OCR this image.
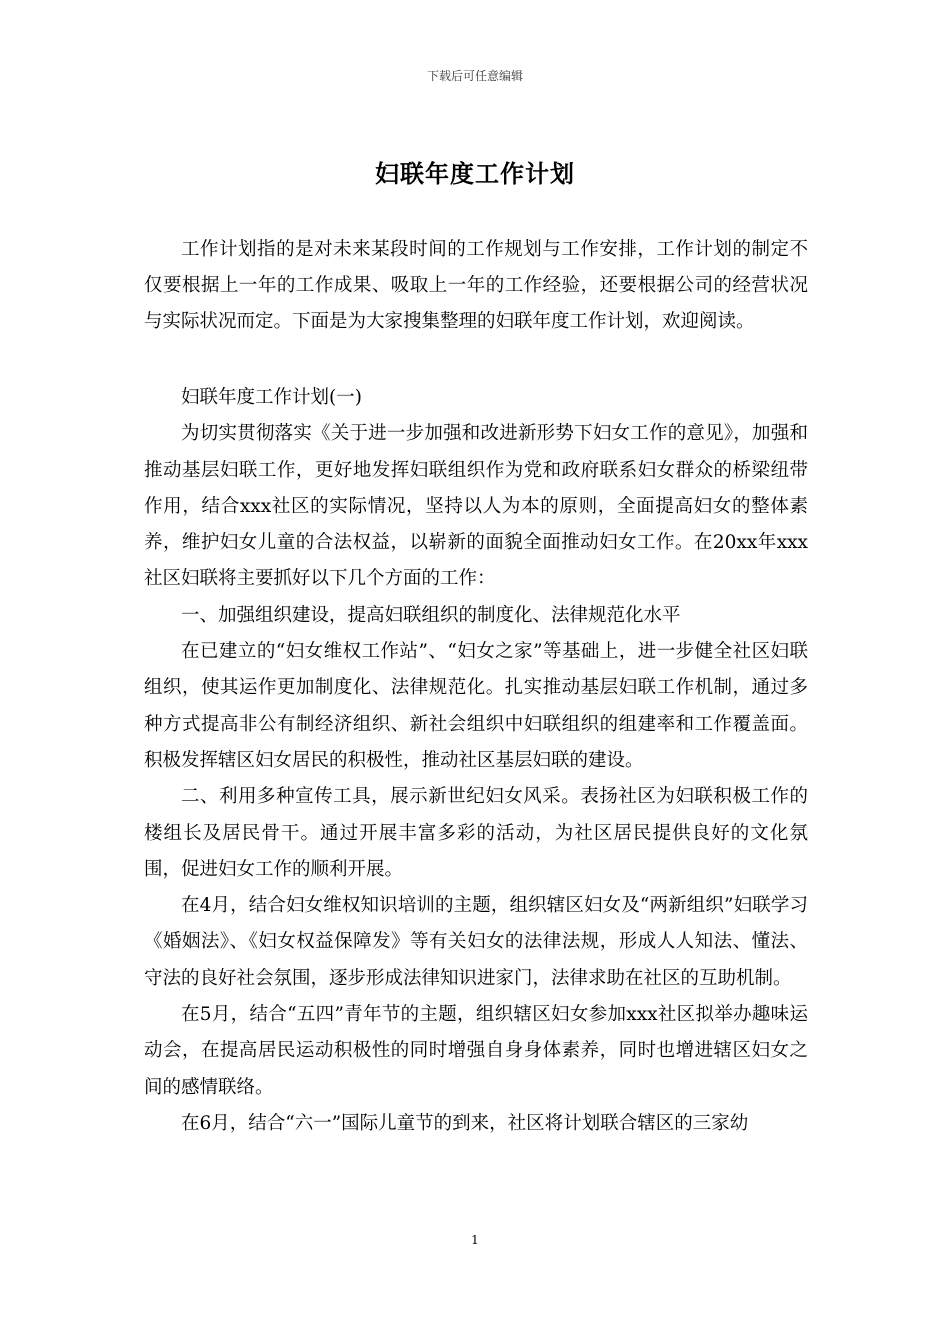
下载后可任意编辑
妇联年度工作计划

工作计划指的是对未来某段时间的工作规划与工作安排，工作计划的制定不仅要根据上一年的工作成果、吸取上一年的工作经验，还要根据公司的经营状况与实际状况而定。下面是为大家搜集整理的妇联年度工作计划，欢迎阅读。

妇联年度工作计划(一)

为切实贯彻落实《关于进一步加强和改进新形势下妇女工作的意见》，加强和推动基层妇联工作，更好地发挥妇联组织作为党和政府联系妇女群众的桥梁纽带作用，结合xxx社区的实际情况，坚持以人为本的原则，全面提高妇女的整体素养，维护妇女儿童的合法权益，以崭新的面貌全面推动妇女工作。在20xx年xxx社区妇联将主要抓好以下几个方面的工作：

一、加强组织建设，提高妇联组织的制度化、法律规范化水平

在已建立的“妇女维权工作站”、“妇女之家”等基础上，进一步健全社区妇联组织，使其运作更加制度化、法律规范化。扎实推动基层妇联工作机制，通过多种方式提高非公有制经济组织、新社会组织中妇联组织的组建率和工作覆盖面。积极发挥辖区妇女居民的积极性，推动社区基层妇联的建设。

二、利用多种宣传工具，展示新世纪妇女风采。表扬社区为妇联积极工作的楼组长及居民骨干。通过开展丰富多彩的活动，为社区居民提供良好的文化氛围，促进妇女工作的顺利开展。

在4月，结合妇女维权知识培训的主题，组织辖区妇女及“两新组织”妇联学习《婚姻法》、《妇女权益保障发》等有关妇女的法律法规，形成人人知法、懂法、守法的良好社会氛围，逐步形成法律知识进家门，法律求助在社区的互助机制。

在5月，结合“五四”青年节的主题，组织辖区妇女参加xxx社区拟举办趣味运动会，在提高居民运动积极性的同时增强自身身体素养，同时也增进辖区妇女之间的感情联络。

在6月，结合“六一”国际儿童节的到来，社区将计划联合辖区的三家幼

1
